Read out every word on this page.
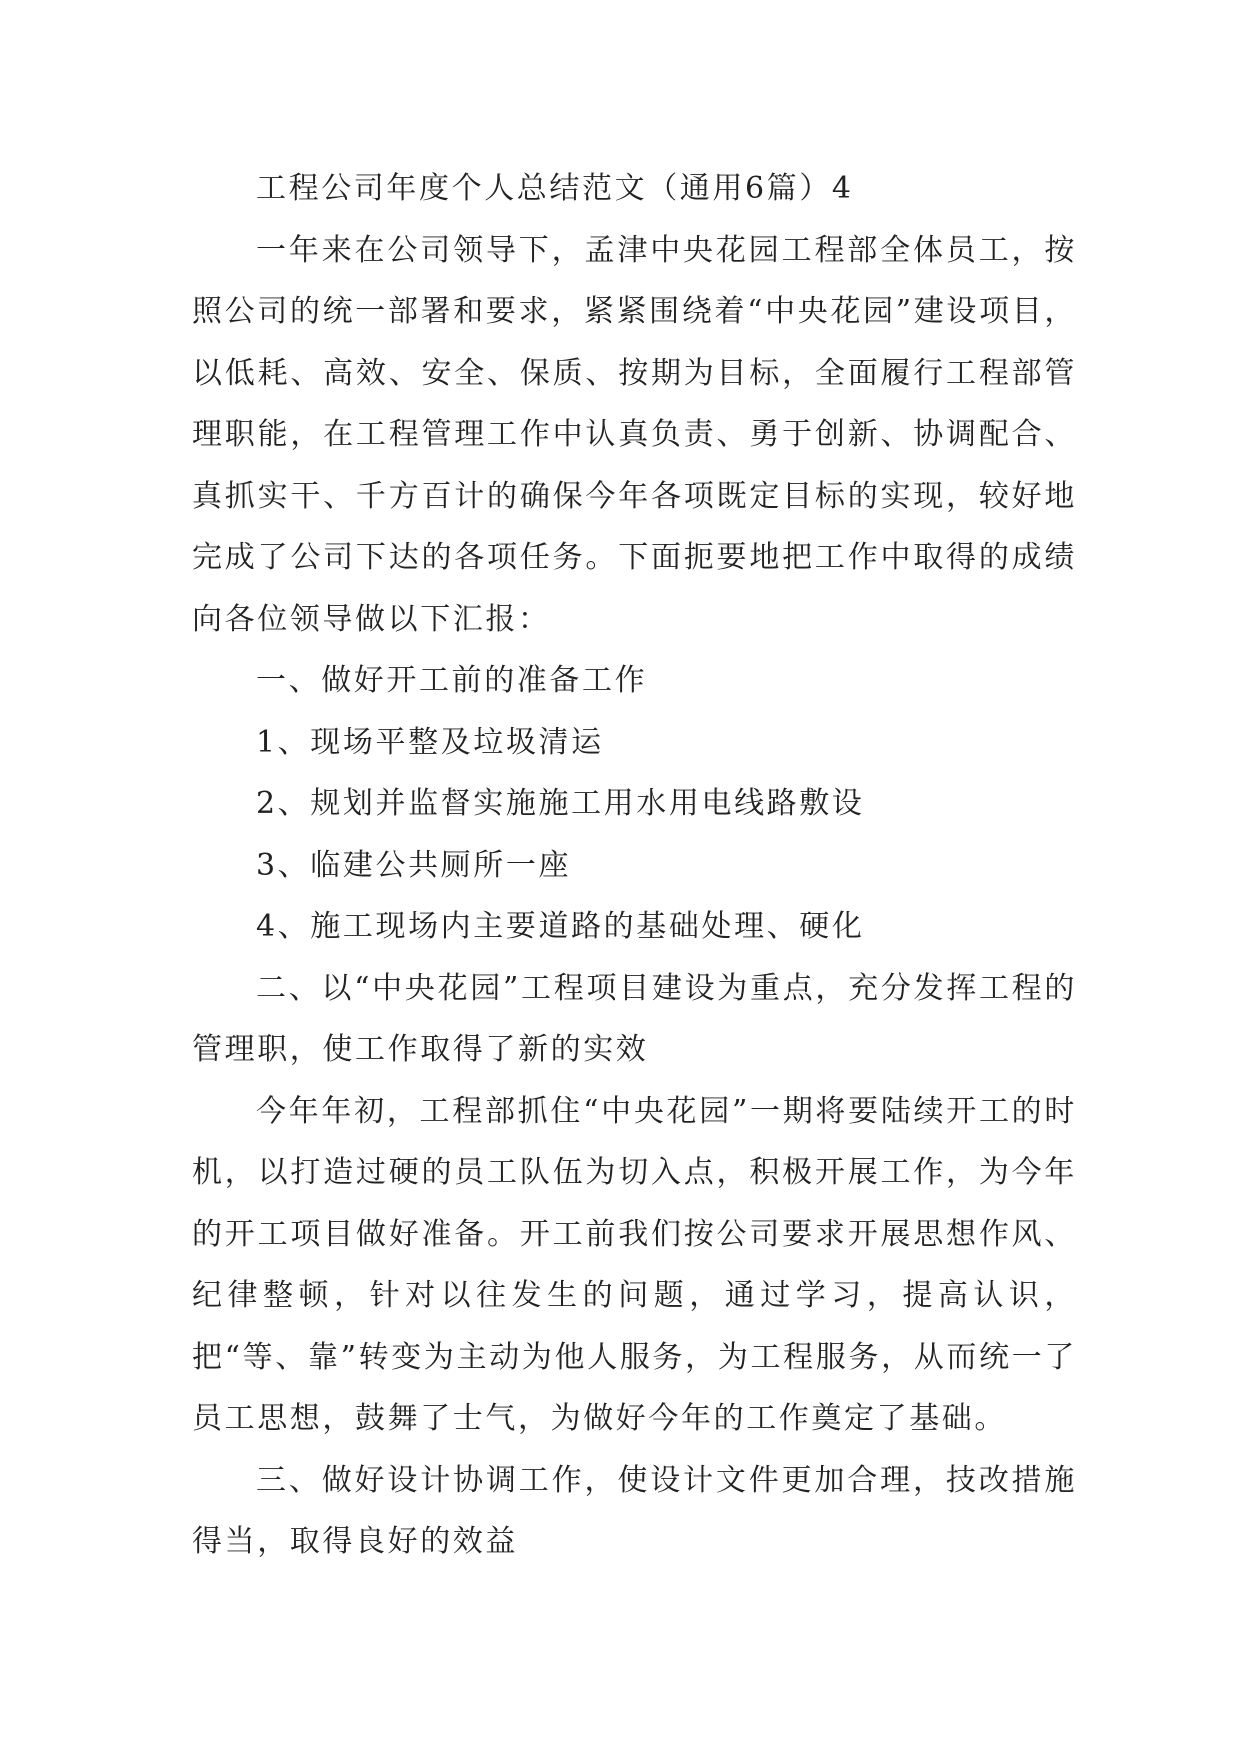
工程公司年度个人总结范文（通用6篇）4

一年来在公司领导下，孟津中央花园工程部全体员工，按照公司的统一部署和要求，紧紧围绕着“中央花园”建设项目，以低耗、高效、安全、保质、按期为目标，全面履行工程部管理职能，在工程管理工作中认真负责、勇于创新、协调配合、真抓实干、千方百计的确保今年各项既定目标的实现，较好地完成了公司下达的各项任务。下面扼要地把工作中取得的成绩向各位领导做以下汇报：

一、做好开工前的准备工作

1、现场平整及垃圾清运

2、规划并监督实施施工用水用电线路敷设

3、临建公共厕所一座

4、施工现场内主要道路的基础处理、硬化

二、以“中央花园”工程项目建设为重点，充分发挥工程的管理职，使工作取得了新的实效

今年年初，工程部抓住“中央花园”一期将要陆续开工的时机，以打造过硬的员工队伍为切入点，积极开展工作，为今年的开工项目做好准备。开工前我们按公司要求开展思想作风、纪律整顿，针对以往发生的问题，通过学习，提高认识，把“等、靠”转变为主动为他人服务，为工程服务，从而统一了员工思想，鼓舞了士气，为做好今年的工作奠定了基础。

三、做好设计协调工作，使设计文件更加合理，技改措施得当，取得良好的效益
